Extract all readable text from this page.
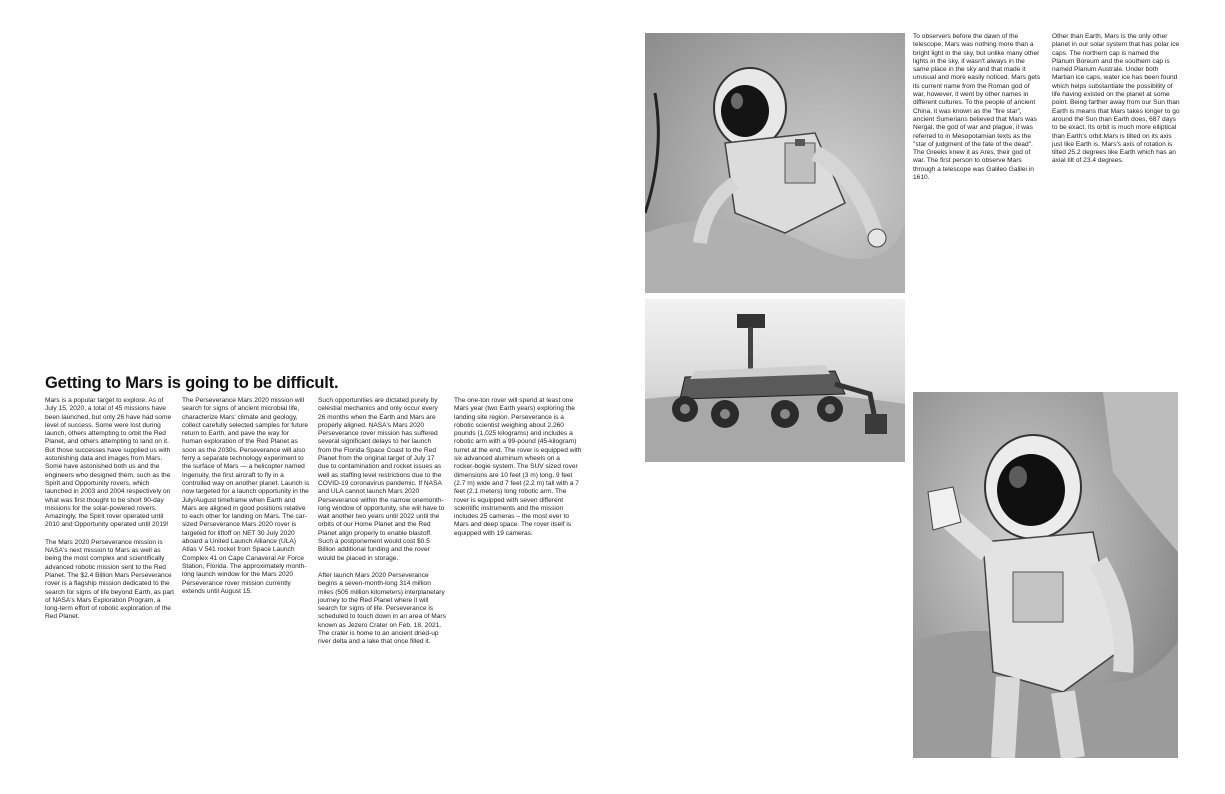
Getting to Mars is going to be difficult.

Mars is a popular target to explore. As of July 15, 2020, a total of 45 missions have been launched, but only 26 have had some level of success. Some were lost during launch, others attempting to orbit the Red Planet, and others attempting to land on it. But those successes have supplied us with astonishing data and images from Mars. Some have astonished both us and the engineers who designed them, such as the Spirit and Opportunity rovers, which launched in 2003 and 2004 respectively on what was first thought to be short 90-day missions for the solar-powered rovers. Amazingly, the Spirit rover operated until 2010 and Opportunity operated until 2019!

The Mars 2020 Perseverance mission is NASA's next mission to Mars as well as being the most complex and scientifically advanced robotic mission sent to the Red Planet. The $2.4 Billion Mars Perseverance rover is a flagship mission dedicated to the search for signs of life beyond Earth, as part of NASA's Mars Exploration Program, a long-term effort of robotic exploration of the Red Planet.

The Perseverance Mars 2020 mission will search for signs of ancient microbial life, characterize Mars' climate and geology, collect carefully selected samples for future return to Earth, and pave the way for human exploration of the Red Planet as soon as the 2030s. Perseverance will also ferry a separate technology experiment to the surface of Mars — a helicopter named Ingenuity, the first aircraft to fly in a controlled way on another planet. Launch is now targeted for a launch opportunity in the July/August timeframe when Earth and Mars are aligned in good positions relative to each other for landing on Mars. The car-sized Perseverance Mars 2020 rover is targeted for liftoff on NET 30 July 2020 aboard a United Launch Alliance (ULA) Atlas V 541 rocket from Space Launch Complex 41 on Cape Canaveral Air Force Station, Florida. The approximately month-long launch window for the Mars 2020 Perseverance rover mission currently extends until August 15.

Such opportunities are dictated purely by celestial mechanics and only occur every 26 months when the Earth and Mars are properly aligned. NASA's Mars 2020 Perseverance rover mission has suffered several significant delays to her launch from the Florida Space Coast to the Red Planet from the original target of July 17 due to contamination and rocket issues as well as staffing level restrictions due to the COVID-19 coronavirus pandemic. If NASA and ULA cannot launch Mars 2020 Perseverance within the narrow onemonth-long window of opportunity, she will have to wait another two years until 2022 until the orbits of our Home Planet and the Red Planet align properly to enable blastoff. Such a postponement would cost $0.5 Billion additional funding and the rover would be placed in storage.

After launch Mars 2020 Perseverance begins a seven-month-long 314 million miles (505 million kilometers) interplanetary journey to the Red Planet where it will search for signs of life. Perseverance is scheduled to touch down in an area of Mars known as Jezero Crater on Feb. 18, 2021. The crater is home to an ancient dried-up river delta and a lake that once filled it.

The one-ton rover will spend at least one Mars year (two Earth years) exploring the landing site region. Perseverance is a robotic scientist weighing about 2,260 pounds (1,025 kilograms) and includes a robotic arm with a 99-pound (45-kilogram) turret at the end. The rover is equipped with six advanced aluminum wheels on a rocker-bogie system. The SUV sized rover dimensions are 10 feet (3 m) long, 9 feet (2.7 m) wide and 7 feet (2.2 m) tall with a 7 feet (2.1 meters) long robotic arm. The rover is equipped with seven different scientific instruments and the mission includes 25 cameras – the most ever to Mars and deep space. The rover itself is equipped with 19 cameras.

To observers before the dawn of the telescope, Mars was nothing more than a bright light in the sky, but unlike many other lights in the sky, it wasn't always in the same place in the sky and that made it unusual and more easily noticed. Mars gets its current name from the Roman god of war, however, it went by other names in different cultures. To the people of ancient China, it was known as the "fire star", ancient Sumerians believed that Mars was Nergal, the god of war and plague, it was referred to in Mesopotamian texts as the "star of judgment of the fate of the dead". The Greeks knew it as Ares, their god of war. The first person to observe Mars through a telescope was Galileo Galilei in 1610.

Other than Earth, Mars is the only other planet in our solar system that has polar ice caps. The northern cap is named the Planum Boreum and the southern cap is named Planum Australe. Under both Martian ice caps, water ice has been found which helps substantiate the possibility of life having existed on the planet at some point. Being farther away from our Sun than Earth is means that Mars takes longer to go around the Sun than Earth does, 687 days to be exact. Its orbit is much more elliptical than Earth's orbit.Mars is tilted on its axis just like Earth is. Mars's axis of rotation is tilted 25.2 degrees like Earth which has an axial tilt of 23.4 degrees.
